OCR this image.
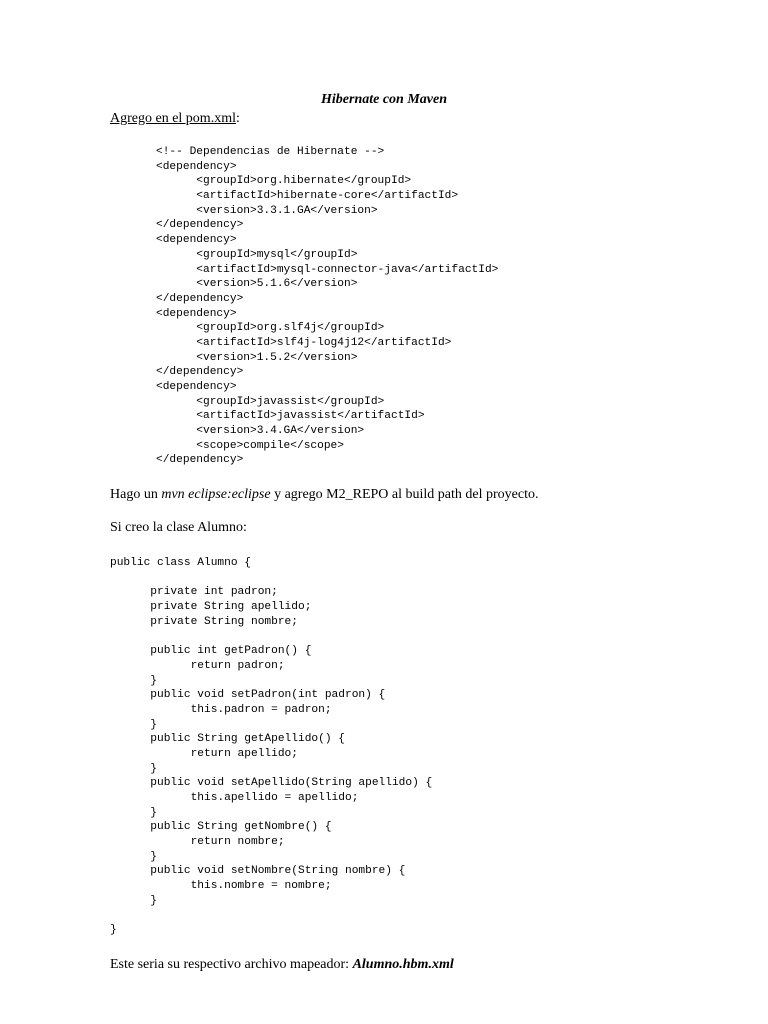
Hibernate con Maven
Agrego en el pom.xml:
<!-- Dependencias de Hibernate -->
<dependency>
<groupId>org.hibernate</groupId>
<artifactId>hibernate-core</artifactId>
<version>3.3.1.GA</version>
</dependency>
<dependency>
<groupId>mysql</groupId>
<artifactId>mysql-connector-java</artifactId>
<version>5.1.6</version>
</dependency>
<dependency>
<groupId>org.slf4j</groupId>
<artifactId>slf4j-log4j12</artifactId>
<version>1.5.2</version>
</dependency>
<dependency>
<groupId>javassist</groupId>
<artifactId>javassist</artifactId>
<version>3.4.GA</version>
<scope>compile</scope>
</dependency>
Hago un mvn eclipse:eclipse y agrego M2_REPO al build path del proyecto.
Si creo la clase Alumno:
public class Alumno {
private int padron;
private String apellido;
private String nombre;
public int getPadron() {
return padron;
}
public void setPadron(int padron) {
this.padron = padron;
}
public String getApellido() {
return apellido;
}
public void setApellido(String apellido) {
this.apellido = apellido;
}
public String getNombre() {
return nombre;
}
public void setNombre(String nombre) {
this.nombre = nombre;
}
}
Este seria su respectivo archivo mapeador: Alumno.hbm.xml
